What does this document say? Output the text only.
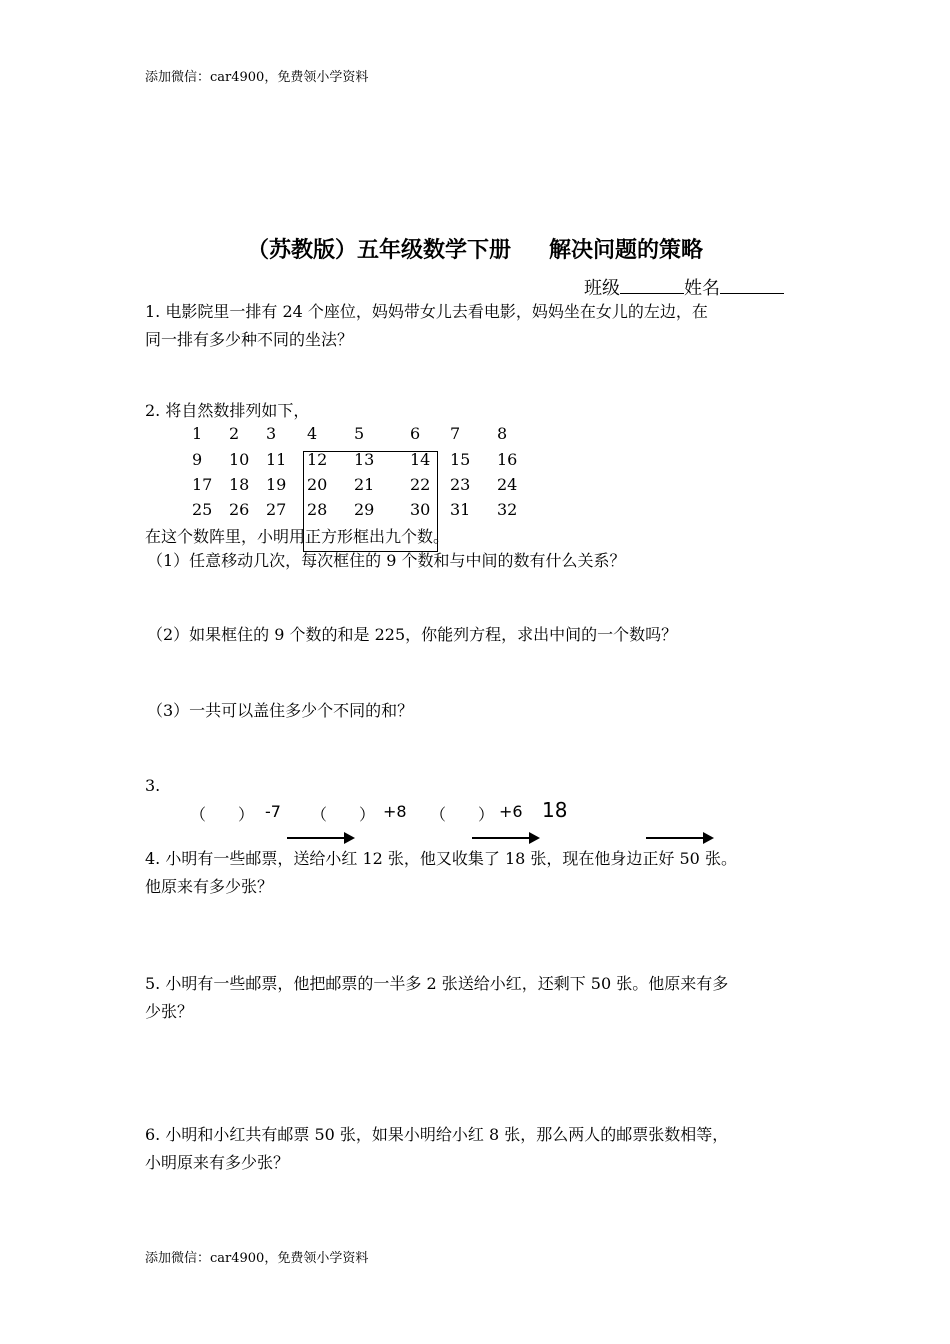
添加微信：car4900，免费领小学资料
（苏教版）五年级数学下册 解决问题的策略
班级	姓名
1. 电影院里一排有 24 个座位，妈妈带女儿去看电影，妈妈坐在女儿的左边，在
同一排有多少种不同的坐法？
2. 将自然数排列如下，
1 2 3 4 5	6 7 8
9 10 11 12 13 14 15 16
17 18 19 20 21 22 23 24
25 26 27 28 29 30 31 32
在这个数阵里，小明用正方形框出九个数。
（1）任意移动几次，每次框住的 9 个数和与中间的数有什么关系？
（2）如果框住的 9 个数的和是 225，你能列方程，求出中间的一个数吗？
（3）一共可以盖住多少个不同的和？
3.
（　　） -7 （　　） +8 （　　） +6 18
4. 小明有一些邮票，送给小红 12 张，他又收集了 18 张，现在他身边正好 50 张。
他原来有多少张？
5. 小明有一些邮票，他把邮票的一半多 2 张送给小红，还剩下 50 张。他原来有多
少张？
6. 小明和小红共有邮票 50 张，如果小明给小红 8 张，那么两人的邮票张数相等，
小明原来有多少张？
添加微信：car4900，免费领小学资料
